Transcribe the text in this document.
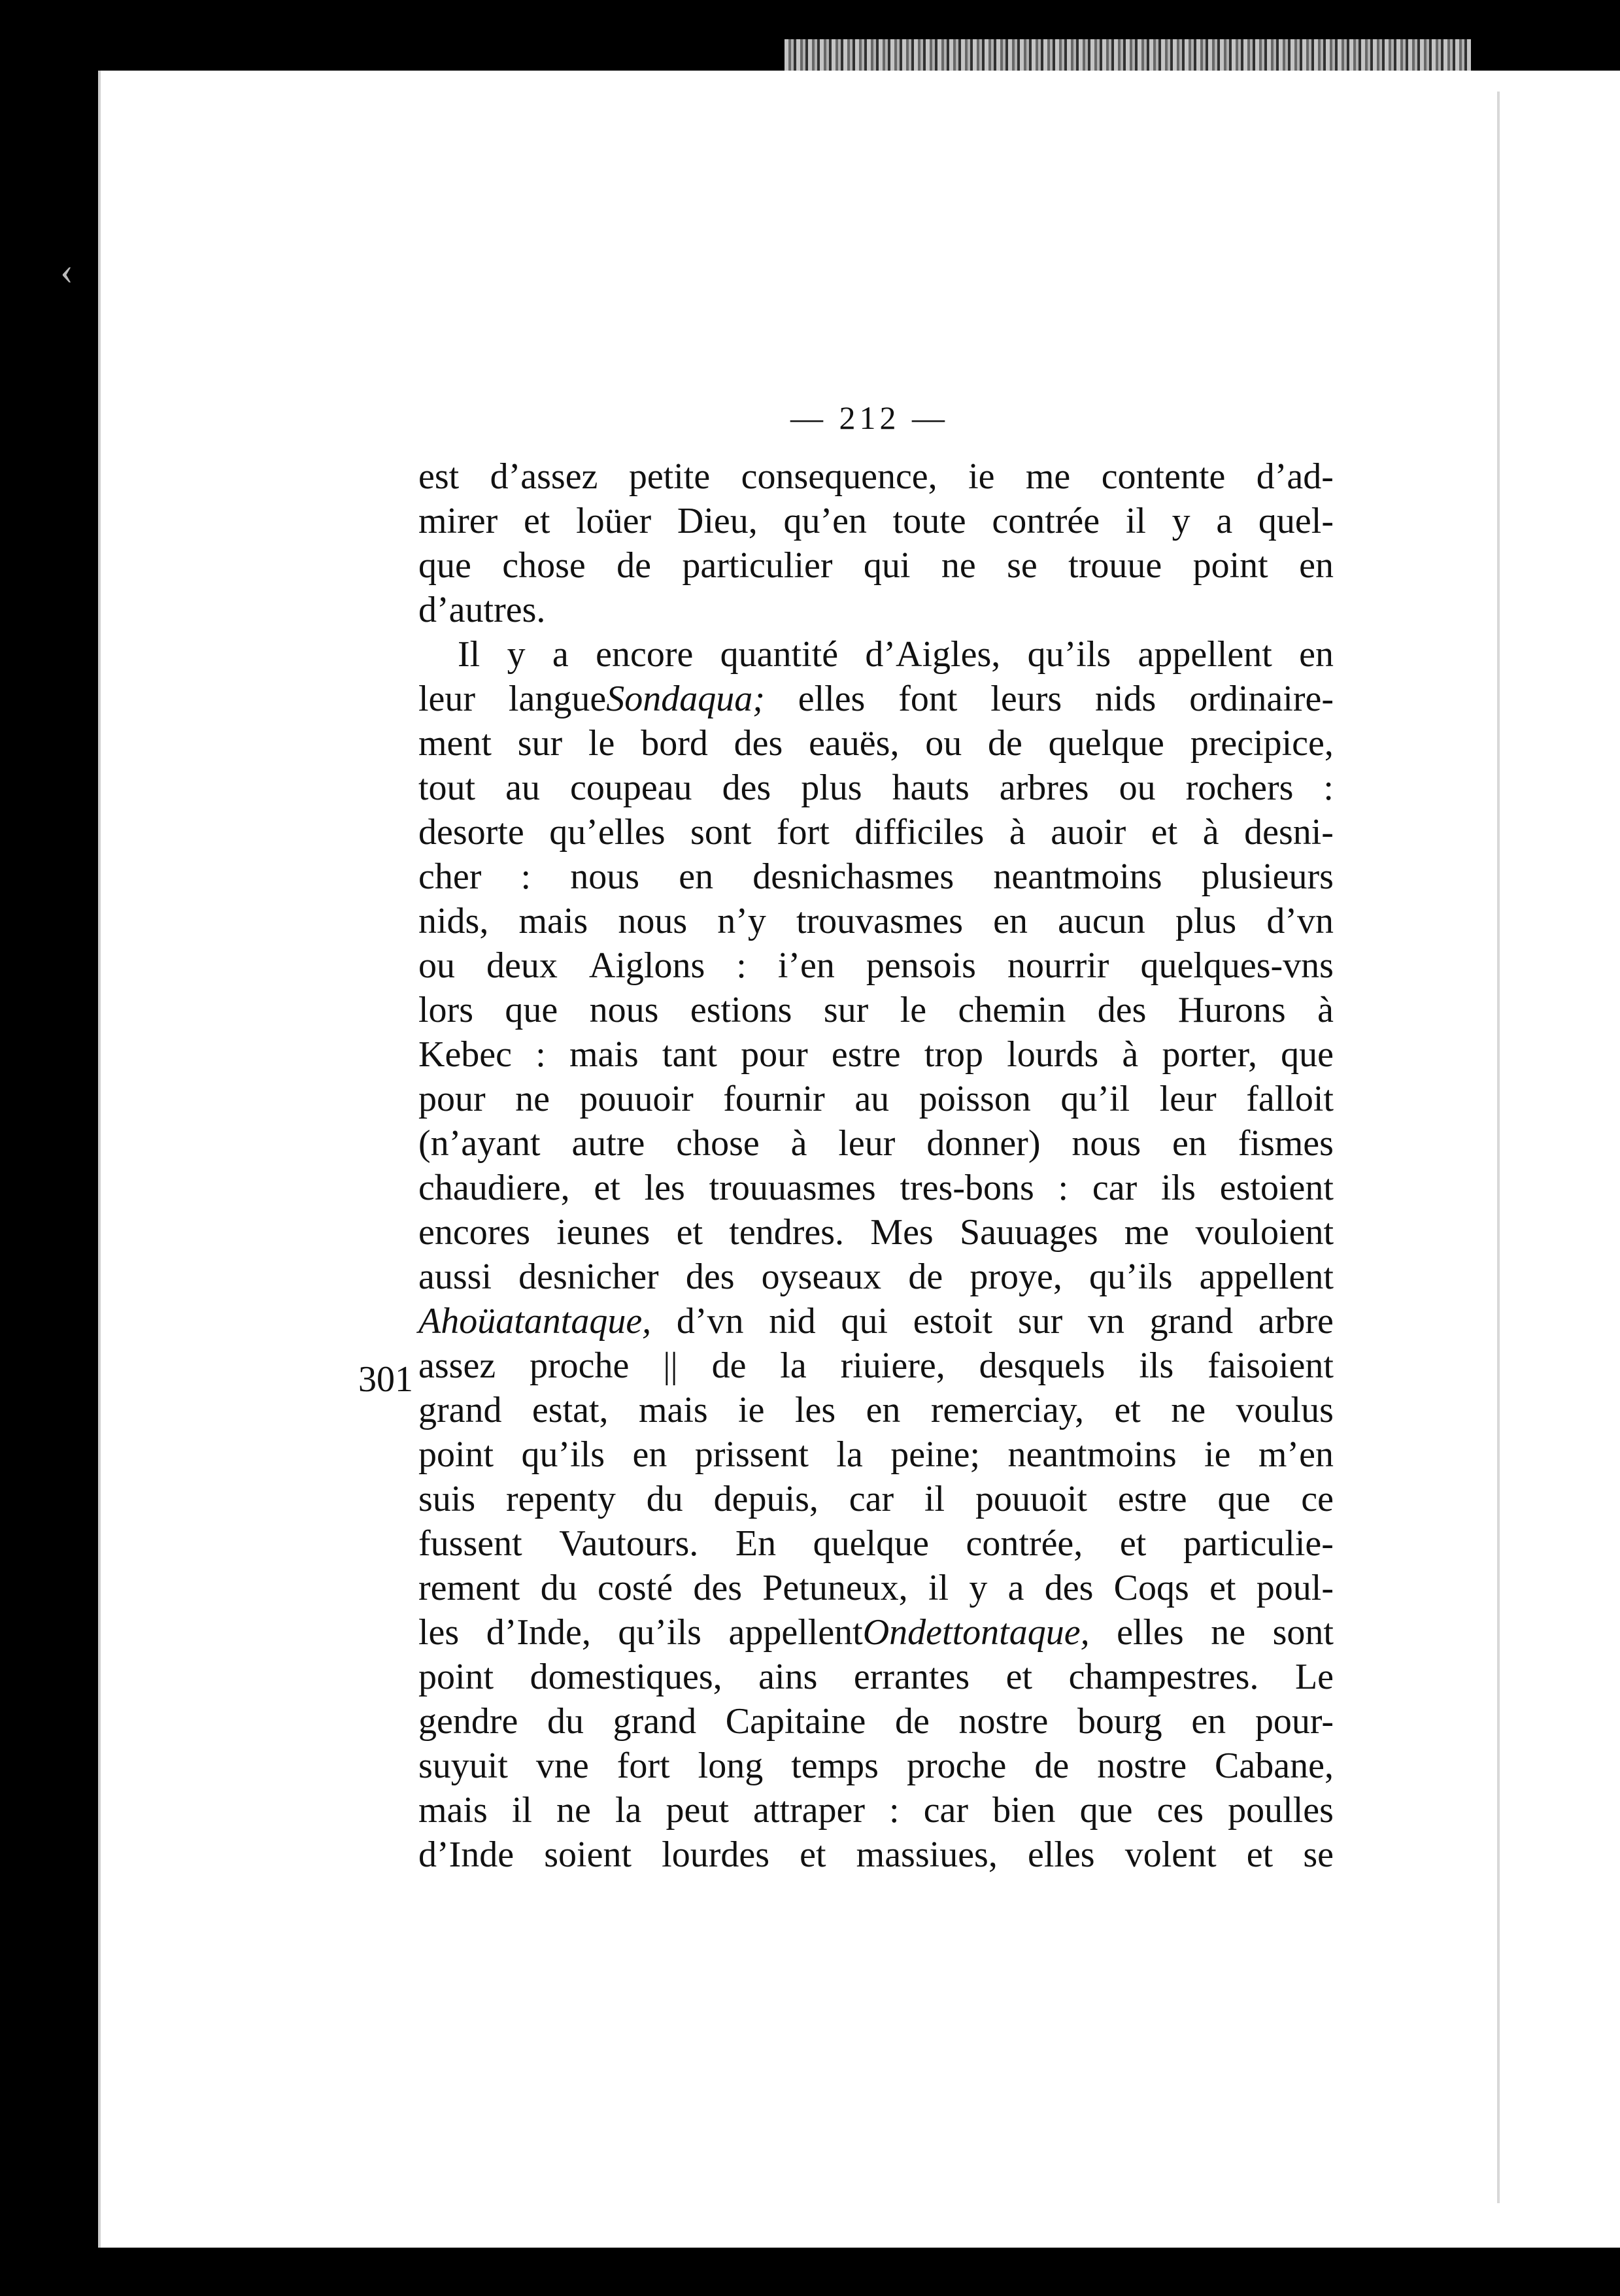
‹
— 212 —
301
est d’assez petite consequence, ie me contente d’ad-
mirer et loüer Dieu, qu’en toute contrée il y a quel-
que chose de particulier qui ne se trouue point en
d’autres.
Il y a encore quantité d’Aigles, qu’ils appellent en
leur langueSondaqua; elles font leurs nids ordinaire-
ment sur le bord des eauës, ou de quelque precipice,
tout au coupeau des plus hauts arbres ou rochers :
desorte qu’elles sont fort difficiles à auoir et à desni-
cher : nous en desnichasmes neantmoins plusieurs
nids, mais nous n’y trouvasmes en aucun plus d’vn
ou deux Aiglons : i’en pensois nourrir quelques-vns
lors que nous estions sur le chemin des Hurons à
Kebec : mais tant pour estre trop lourds à porter, que
pour ne pouuoir fournir au poisson qu’il leur falloit
(n’ayant autre chose à leur donner) nous en fismes
chaudiere, et les trouuasmes tres-bons : car ils estoient
encores ieunes et tendres. Mes Sauuages me vouloient
aussi desnicher des oyseaux de proye, qu’ils appellent
Ahoüatantaque, d’vn nid qui estoit sur vn grand arbre
assez proche || de la riuiere, desquels ils faisoient
grand estat, mais ie les en remerciay, et ne voulus
point qu’ils en prissent la peine; neantmoins ie m’en
suis repenty du depuis, car il pouuoit estre que ce
fussent Vautours. En quelque contrée, et particulie-
rement du costé des Petuneux, il y a des Coqs et poul-
les d’Inde, qu’ils appellentOndettontaque, elles ne sont
point domestiques, ains errantes et champestres. Le
gendre du grand Capitaine de nostre bourg en pour-
suyuit vne fort long temps proche de nostre Cabane,
mais il ne la peut attraper : car bien que ces poulles
d’Inde soient lourdes et massiues, elles volent et se
